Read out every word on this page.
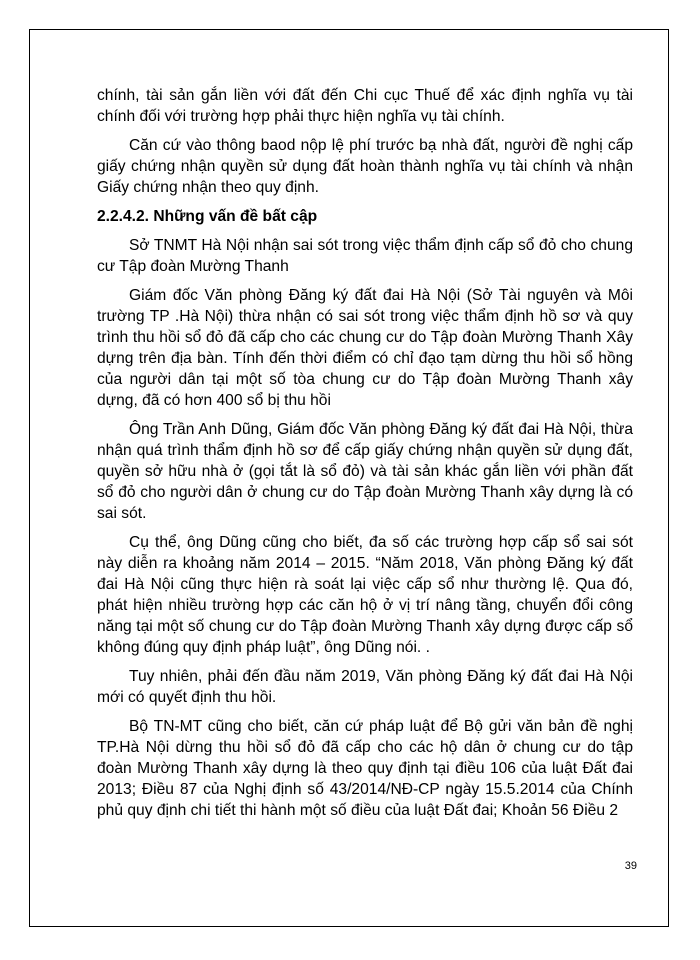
chính, tài sản gắn liền với đất đến Chi cục Thuế để xác định nghĩa vụ tài chính đối với trường hợp phải thực hiện nghĩa vụ tài chính.

Căn cứ vào thông baod nộp lệ phí trước bạ nhà đất, người đề nghị cấp giấy chứng nhận quyền sử dụng đất hoàn thành nghĩa vụ tài chính và nhận Giấy chứng nhận theo quy định.

2.2.4.2. Những vấn đề bất cập

Sở TNMT Hà Nội nhận sai sót trong việc thẩm định cấp sổ đỏ cho chung cư Tập đoàn Mường Thanh

Giám đốc Văn phòng Đăng ký đất đai Hà Nội (Sở Tài nguyên và Môi trường TP .Hà Nội) thừa nhận có sai sót trong việc thẩm định hồ sơ và quy trình thu hồi sổ đỏ đã cấp cho các chung cư do Tập đoàn Mường Thanh Xây dựng trên địa bàn. Tính đến thời điểm có chỉ đạo tạm dừng thu hồi sổ hồng của người dân tại một số tòa chung cư do Tập đoàn Mường Thanh xây dựng, đã có hơn 400 sổ bị thu hồi

Ông Trần Anh Dũng, Giám đốc Văn phòng Đăng ký đất đai Hà Nội, thừa nhận quá trình thẩm định hồ sơ để cấp giấy chứng nhận quyền sử dụng đất, quyền sở hữu nhà ở (gọi tắt là sổ đỏ) và tài sản khác gắn liền với phần đất sổ đỏ cho người dân ở chung cư do Tập đoàn Mường Thanh xây dựng là có sai sót.

Cụ thể, ông Dũng cũng cho biết, đa số các trường hợp cấp sổ sai sót này diễn ra khoảng năm 2014 – 2015. “Năm 2018, Văn phòng Đăng ký đất đai Hà Nội cũng thực hiện rà soát lại việc cấp sổ như thường lệ. Qua đó, phát hiện nhiều trường hợp các căn hộ ở vị trí nâng tầng, chuyển đổi công năng tại một số chung cư do Tập đoàn Mường Thanh xây dựng được cấp sổ không đúng quy định pháp luật”, ông Dũng nói. .

Tuy nhiên, phải đến đầu năm 2019, Văn phòng Đăng ký đất đai Hà Nội mới có quyết định thu hồi.

Bộ TN-MT cũng cho biết, căn cứ pháp luật để Bộ gửi văn bản đề nghị TP.Hà Nội dừng thu hồi sổ đỏ đã cấp cho các hộ dân ở chung cư do tập đoàn Mường Thanh xây dựng là theo quy định tại điều 106 của luật Đất đai 2013; Điều 87 của Nghị định số 43/2014/NĐ-CP ngày 15.5.2014 của Chính phủ quy định chi tiết thi hành một số điều của luật Đất đai; Khoản 56 Điều 2

39
